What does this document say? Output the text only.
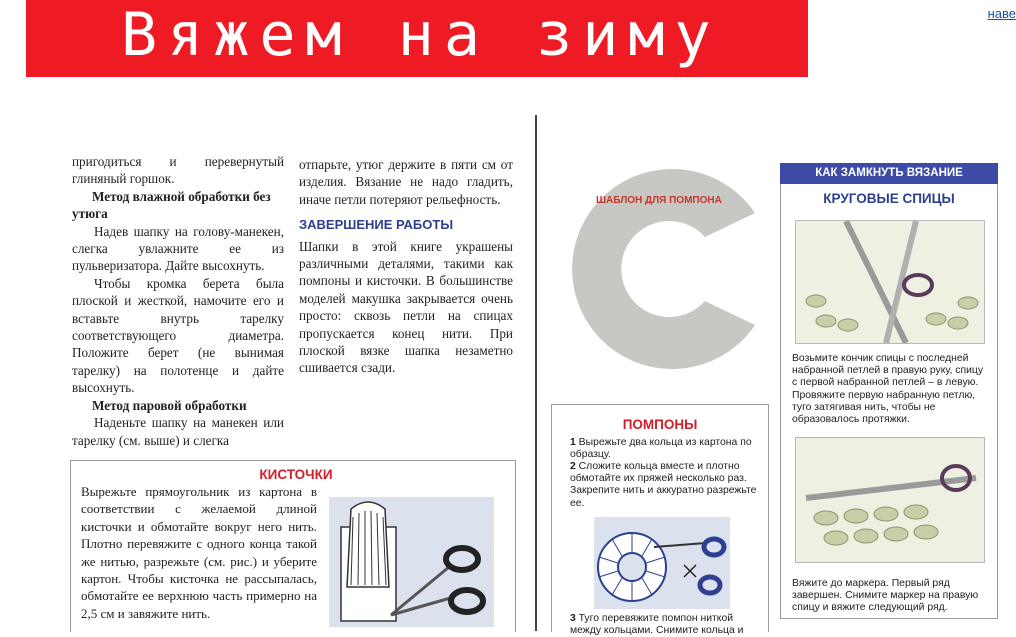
Вяжем на зиму	наве

пригодиться и перевернутый глиняный горшок.

Метод влажной обработки без утюга

Надев шапку на голову-манекен, слегка увлажните ее из пульверизатора. Дайте высохнуть.

Чтобы кромка берета была плоской и жесткой, намочите его и вставьте внутрь тарелку соответствующего диаметра. Положите берет (не вынимая тарелку) на полотенце и дайте высохнуть.

Метод паровой обработки

Наденьте шапку на манекен или тарелку (см. выше) и слегка

отпарьте, утюг держите в пяти см от изделия. Вязание не надо гладить, иначе петли потеряют рельефность.

ЗАВЕРШЕНИЕ РАБОТЫ

Шапки в этой книге украшены различными деталями, такими как помпоны и кисточки. В большинстве моделей макушка закрывается очень просто: сквозь петли на спицах пропускается конец нити. При плоской вязке шапка незаметно сшивается сзади.

КИСТОЧКИ
Вырежьте прямоугольник из картона в соответствии с желаемой длиной кисточки и обмотайте вокруг него нить. Плотно перевяжите с одного конца такой же нитью, разрежьте (см. рис.) и уберите картон. Чтобы кисточка не рассыпалась, обмотайте ее верхнюю часть примерно на 2,5 см и завяжите нить.
ШАБЛОН ДЛЯ ПОМПОНА
ПОМПОНЫ
1 Вырежьте два кольца из картона по образцу.
2 Сложите кольца вместе и плотно обмотайте их пряжей несколько раз. Закрепите нить и аккуратно разрежьте ее.
3 Туго перевяжите помпон ниткой между кольцами. Снимите кольца и
КАК ЗАМКНУТЬ ВЯЗАНИЕ
КРУГОВЫЕ СПИЦЫ
Возьмите кончик спицы с последней набранной петлей в правую руку, спицу с первой набранной петлей – в левую. Провяжите первую набранную петлю, туго затягивая нить, чтобы не образовалось протяжки.
Вяжите до маркера. Первый ряд завершен. Снимите маркер на правую спицу и вяжите следующий ряд.
